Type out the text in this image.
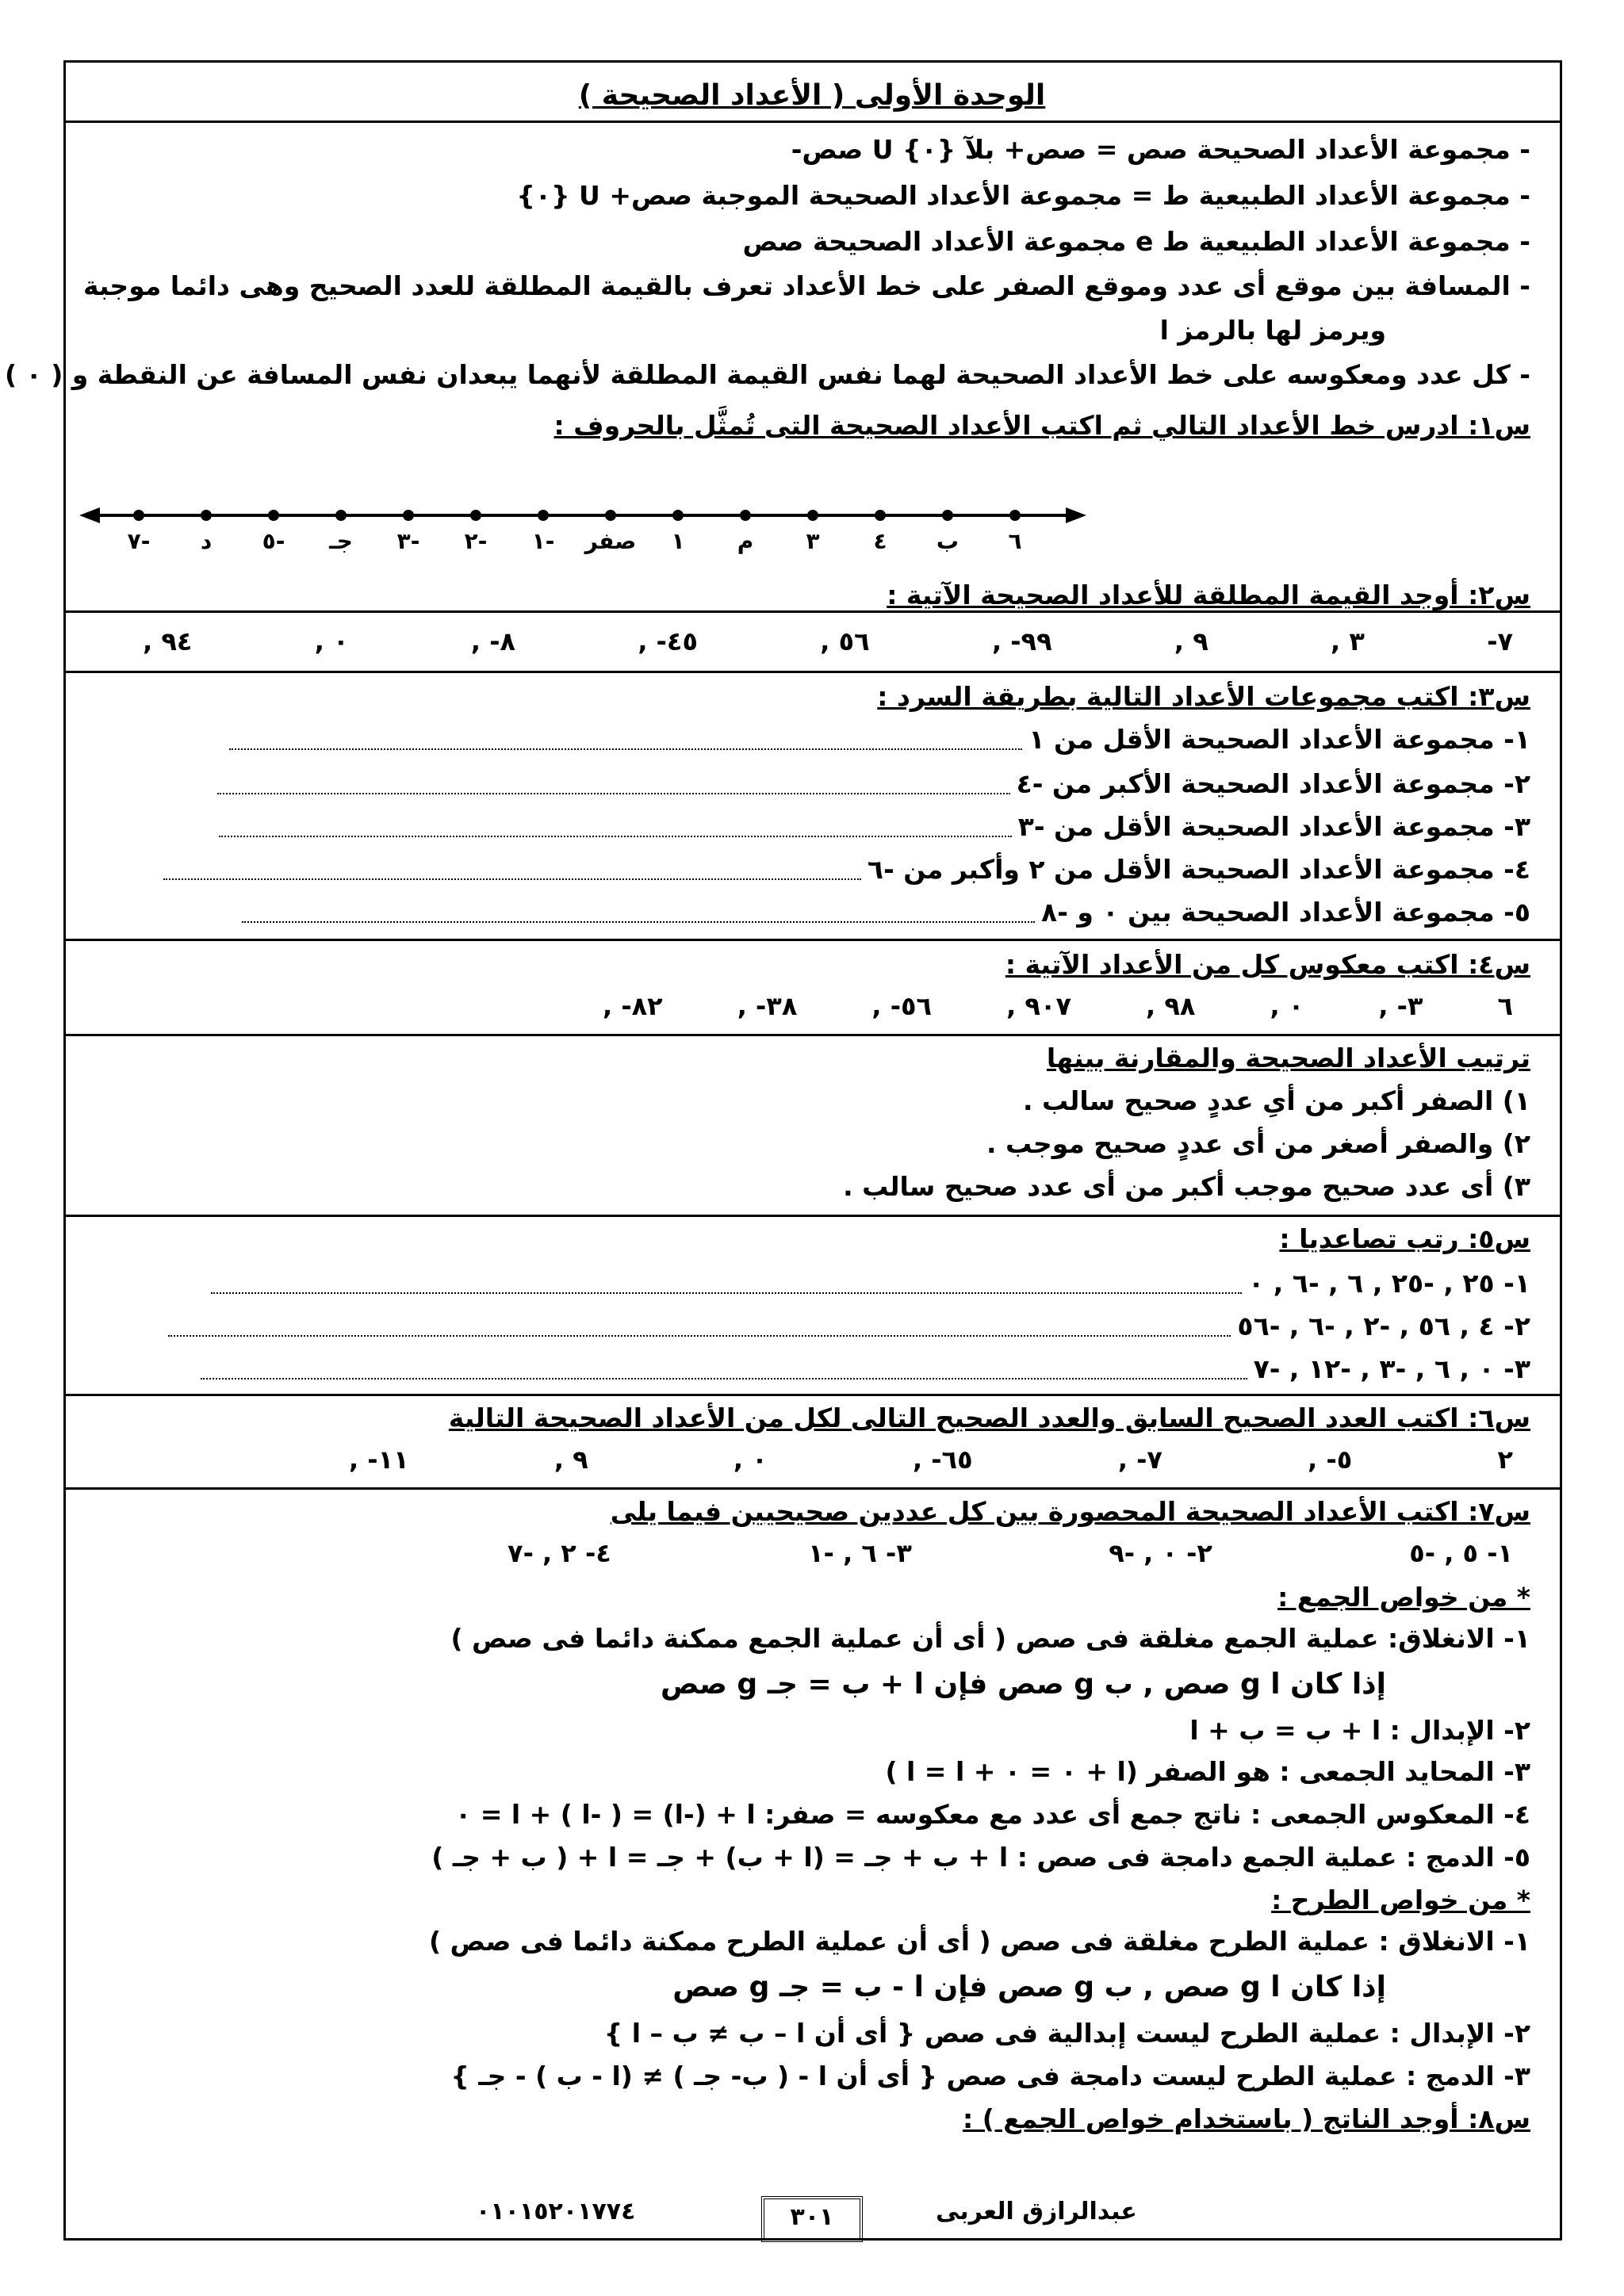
الوحدة الأولى ( الأعداد الصحيحة )
- مجموعة الأعداد الصحيحة صص = صص+ بلآ {٠} U صص-
- مجموعة الأعداد الطبيعية ط = مجموعة الأعداد الصحيحة الموجبة صص+ U {٠}
- مجموعة الأعداد الطبيعية ط e مجموعة الأعداد الصحيحة صص
- المسافة بين موقع أى عدد وموقع الصفر على خط الأعداد تعرف بالقيمة المطلقة للعدد الصحيح وهى دائما موجبة
ويرمز لها بالرمز ا
- كل عدد ومعكوسه على خط الأعداد الصحيحة لهما نفس القيمة المطلقة لأنهما يبعدان نفس المسافة عن النقطة و ( ٠ )
س١: ادرس خط الأعداد التالي ثم اكتب الأعداد الصحيحة التى تُمثَّل بالحروف :
٦
ب
٤
٣
م
١
صفر
١-
٢-
٣-
جـ
٥-
د
٧-
س٢: أوجد القيمة المطلقة للأعداد الصحيحة الآتية :
٧-
٣ ,
٩ ,
٩٩- ,
٥٦ ,
٤٥- ,
٨- ,
٠ ,
٩٤ ,
س٣: اكتب مجموعات الأعداد التالية بطريقة السرد :
١- مجموعة الأعداد الصحيحة الأقل من ١
٢- مجموعة الأعداد الصحيحة الأكبر من -٤
٣- مجموعة الأعداد الصحيحة الأقل من -٣
٤- مجموعة الأعداد الصحيحة الأقل من ٢ وأكبر من -٦
٥- مجموعة الأعداد الصحيحة بين ٠ و -٨
س٤: اكتب معكوس كل من الأعداد الآتية :
٦
٣- ,
٠ ,
٩٨ ,
٩٠٧ ,
٥٦- ,
٣٨- ,
٨٢- ,
ترتيب الأعداد الصحيحة والمقارنة بينها
١) الصفر أكبر من أىِ عددٍ صحيح سالب .
٢) والصفر أصغر من أى عددٍ صحيح موجب .
٣) أى عدد صحيح موجب أكبر من أى عدد صحيح سالب .
س٥: رتب تصاعديا :
١- ٢٥ , -٢٥ , ٦ , -٦ , ٠
٢- ٤ , ٥٦ , -٢ , -٦ , -٥٦
٣- ٠ , ٦ , -٣ , -١٢ , -٧
س٦: اكتب العدد الصحيح السابق والعدد الصحيح التالى لكل من الأعداد الصحيحة التالية
٢
٥- ,
٧- ,
٦٥- ,
٠ ,
٩ ,
١١- ,
س٧: اكتب الأعداد الصحيحة المحصورة بين كل عددين صحيحيين فيما يلى
١- ٥ , -٥
٢- ٠ , -٩
٣- ٦ , -١
٤- ٢ , -٧
* من خواص الجمع :
١- الانغلاق: عملية الجمع مغلقة فى صص ( أى أن عملية الجمع ممكنة دائما فى صص )
إذا كان ا g صص , ب g صص فإن ا + ب = جـ g صص
٢- الإبدال : ا + ب = ب + ا
٣- المحايد الجمعى : هو الصفر (ا + ٠ = ٠ + ا = ا )
٤- المعكوس الجمعى : ناتج جمع أى عدد مع معكوسه = صفر: ا + (-ا) = ( -ا ) + ا = ٠
٥- الدمج : عملية الجمع دامجة فى صص : ا + ب + جـ = (ا + ب) + جـ = ا + ( ب + جـ )
* من خواص الطرح :
١- الانغلاق : عملية الطرح مغلقة فى صص ( أى أن عملية الطرح ممكنة دائما فى صص )
إذا كان ا g صص , ب g صص فإن ا - ب = جـ g صص
٢- الإبدال : عملية الطرح ليست إبدالية فى صص { أى أن ا – ب ≠ ب – ا }
٣- الدمج : عملية الطرح ليست دامجة فى صص { أى أن ا - ( ب- جـ ) ≠ (ا - ب ) - جـ }
س٨: أوجد الناتج ( باستخدام خواص الجمع ) :
عبدالرازق العربى
٣٠١
٠١٠١٥٢٠١٧٧٤
